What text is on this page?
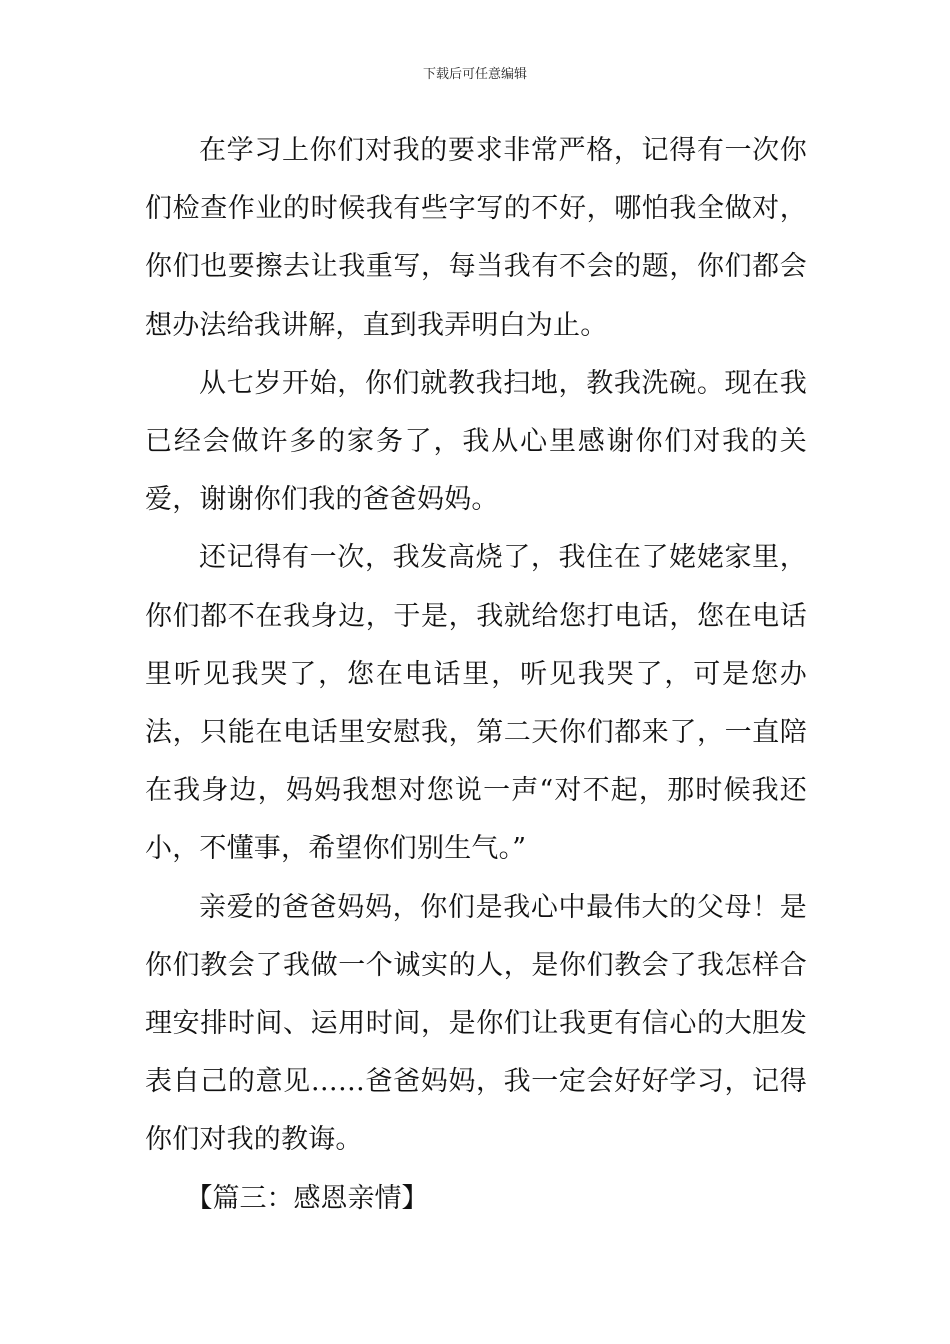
下载后可任意编辑

在学习上你们对我的要求非常严格，记得有一次你们检查作业的时候我有些字写的不好，哪怕我全做对，你们也要擦去让我重写，每当我有不会的题，你们都会想办法给我讲解，直到我弄明白为止。

从七岁开始，你们就教我扫地，教我洗碗。现在我已经会做许多的家务了，我从心里感谢你们对我的关爱，谢谢你们我的爸爸妈妈。

还记得有一次，我发高烧了，我住在了姥姥家里，你们都不在我身边，于是，我就给您打电话，您在电话里听见我哭了，您在电话里，听见我哭了，可是您办法，只能在电话里安慰我，第二天你们都来了，一直陪在我身边，妈妈我想对您说一声“对不起，那时候我还小，不懂事，希望你们别生气。”

亲爱的爸爸妈妈，你们是我心中最伟大的父母！是你们教会了我做一个诚实的人，是你们教会了我怎样合理安排时间、运用时间，是你们让我更有信心的大胆发表自己的意见……爸爸妈妈，我一定会好好学习，记得你们对我的教诲。

【篇三：感恩亲情】
